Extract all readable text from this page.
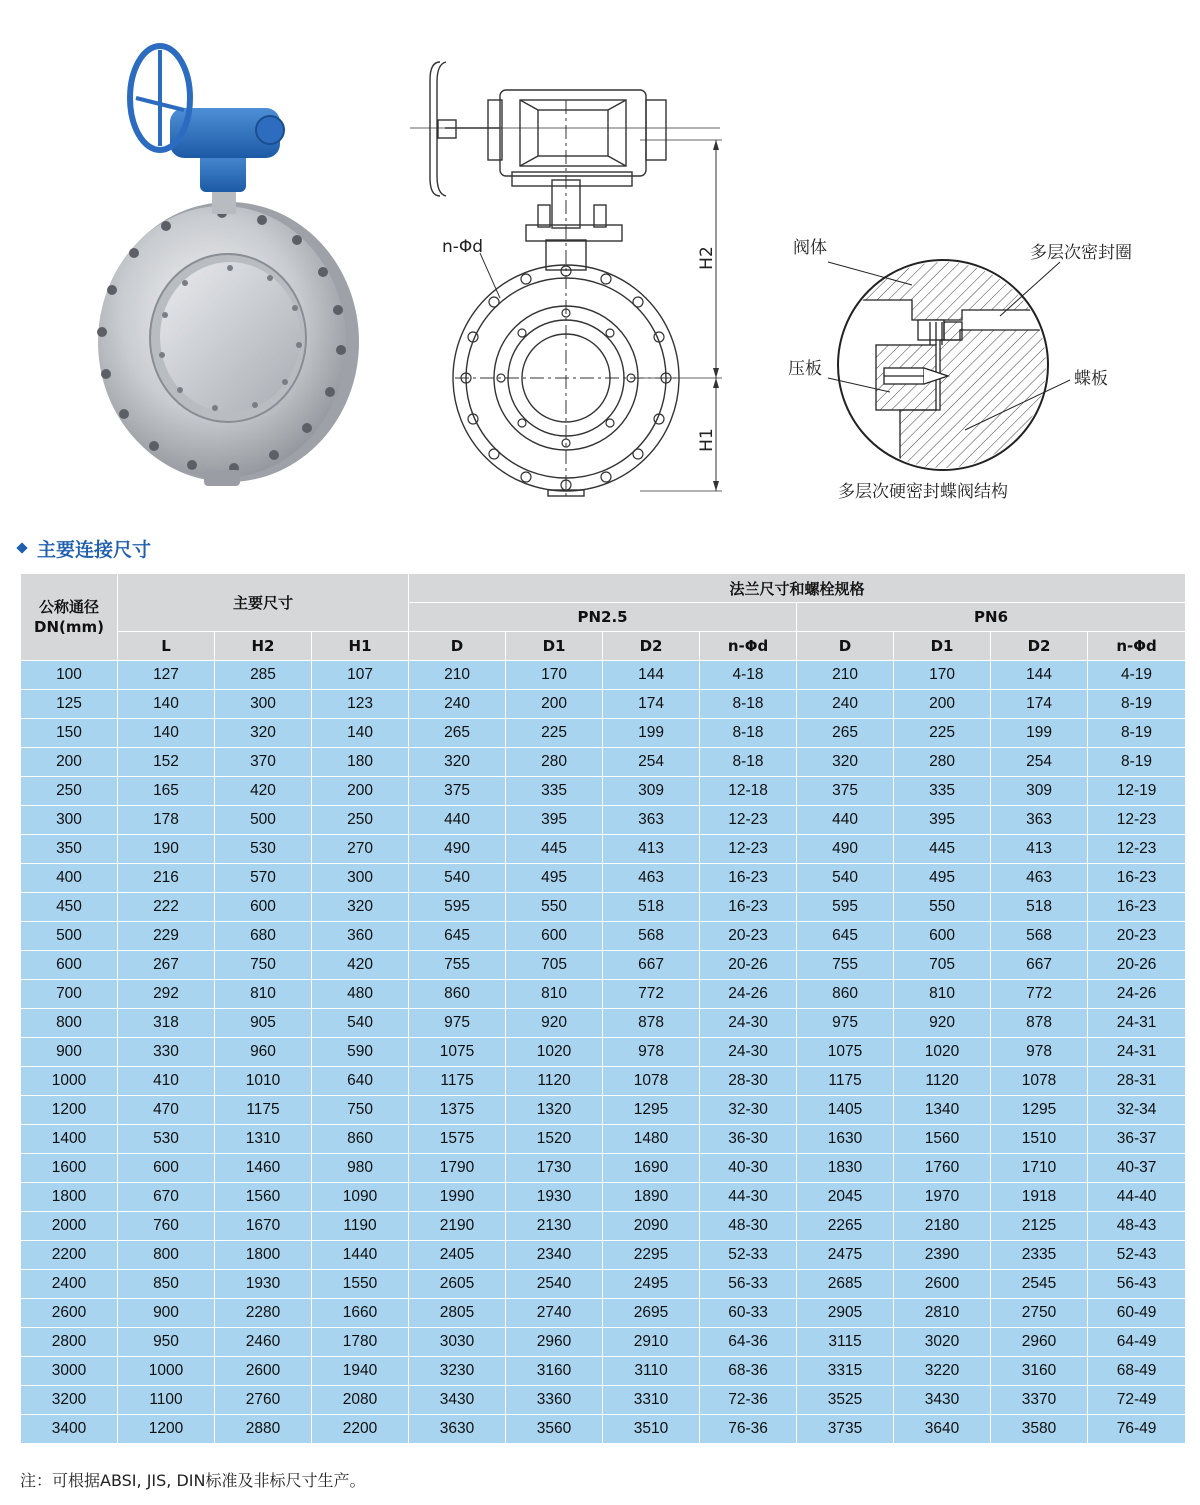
n-Φd	H2
H1
阀体	多层次密封圈
压板	蝶板
多层次硬密封蝶阀结构
主要连接尺寸
公称通径
DN(mm)	主要尺寸			法兰尺寸和螺栓规格							
				PN2.5				PN6			
	L	H2	H1	D	D1	D2	n-Φd	D	D1	D2	n-Φd
100	127	285	107	210	170	144	4-18	210	170	144	4-19
125	140	300	123	240	200	174	8-18	240	200	174	8-19
150	140	320	140	265	225	199	8-18	265	225	199	8-19
200	152	370	180	320	280	254	8-18	320	280	254	8-19
250	165	420	200	375	335	309	12-18	375	335	309	12-19
300	178	500	250	440	395	363	12-23	440	395	363	12-23
350	190	530	270	490	445	413	12-23	490	445	413	12-23
400	216	570	300	540	495	463	16-23	540	495	463	16-23
450	222	600	320	595	550	518	16-23	595	550	518	16-23
500	229	680	360	645	600	568	20-23	645	600	568	20-23
600	267	750	420	755	705	667	20-26	755	705	667	20-26
700	292	810	480	860	810	772	24-26	860	810	772	24-26
800	318	905	540	975	920	878	24-30	975	920	878	24-31
900	330	960	590	1075	1020	978	24-30	1075	1020	978	24-31
1000	410	1010	640	1175	1120	1078	28-30	1175	1120	1078	28-31
1200	470	1175	750	1375	1320	1295	32-30	1405	1340	1295	32-34
1400	530	1310	860	1575	1520	1480	36-30	1630	1560	1510	36-37
1600	600	1460	980	1790	1730	1690	40-30	1830	1760	1710	40-37
1800	670	1560	1090	1990	1930	1890	44-30	2045	1970	1918	44-40
2000	760	1670	1190	2190	2130	2090	48-30	2265	2180	2125	48-43
2200	800	1800	1440	2405	2340	2295	52-33	2475	2390	2335	52-43
2400	850	1930	1550	2605	2540	2495	56-33	2685	2600	2545	56-43
2600	900	2280	1660	2805	2740	2695	60-33	2905	2810	2750	60-49
2800	950	2460	1780	3030	2960	2910	64-36	3115	3020	2960	64-49
3000	1000	2600	1940	3230	3160	3110	68-36	3315	3220	3160	68-49
3200	1100	2760	2080	3430	3360	3310	72-36	3525	3430	3370	72-49
3400	1200	2880	2200	3630	3560	3510	76-36	3735	3640	3580	76-49
注：可根据ABSI, JIS, DIN标准及非标尺寸生产。
